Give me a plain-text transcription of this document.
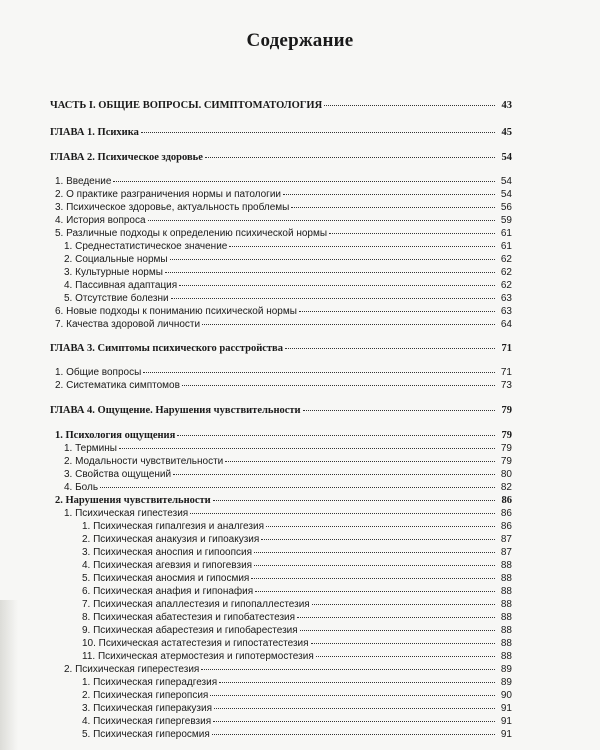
Содержание
ЧАСТЬ I. ОБЩИЕ ВОПРОСЫ. СИМПТОМАТОЛОГИЯ	43
ГЛАВА 1. Психика	45
ГЛАВА 2. Психическое здоровье	54
1. Введение	54
2. О практике разграничения нормы и патологии	54
3. Психическое здоровье, актуальность проблемы	56
4. История вопроса	59
5. Различные подходы к определению психической нормы	61
1. Среднестатистическое значение	61
2. Социальные нормы	62
3. Культурные нормы	62
4. Пассивная адаптация	62
5. Отсутствие болезни	63
6. Новые подходы к пониманию психической нормы	63
7. Качества здоровой личности	64
ГЛАВА 3. Симптомы психического расстройства	71
1. Общие вопросы	71
2. Систематика симптомов	73
ГЛАВА 4. Ощущение. Нарушения чувствительности	79
1. Психология ощущения	79
1. Термины	79
2. Модальности чувствительности	79
3. Свойства ощущений	80
4. Боль	82
2. Нарушения чувствительности	86
1. Психическая гипестезия	86
1. Психическая гипалгезия и аналгезия	86
2. Психическая анакузия и гипоакузия	87
3. Психическая аноспия и гипоопсия	87
4. Психическая агевзия и гипогевзия	88
5. Психическая аносмия и гипосмия	88
6. Психическая анафия и гипонафия	88
7. Психическая апаллестезия и гипопаллестезия	88
8. Психическая абатестезия и гипобатестезия	88
9. Психическая абарестезия и гипобарестезия	88
10. Психическая астатестезия и гипостатестезия	88
11. Психическая атермостезия и гипотермостезия	88
2. Психическая гиперестезия	89
1. Психическая гиперадгезия	89
2. Психическая гиперопсия	90
3. Психическая гиперакузия	91
4. Психическая гипергевзия	91
5. Психическая гиперосмия	91
